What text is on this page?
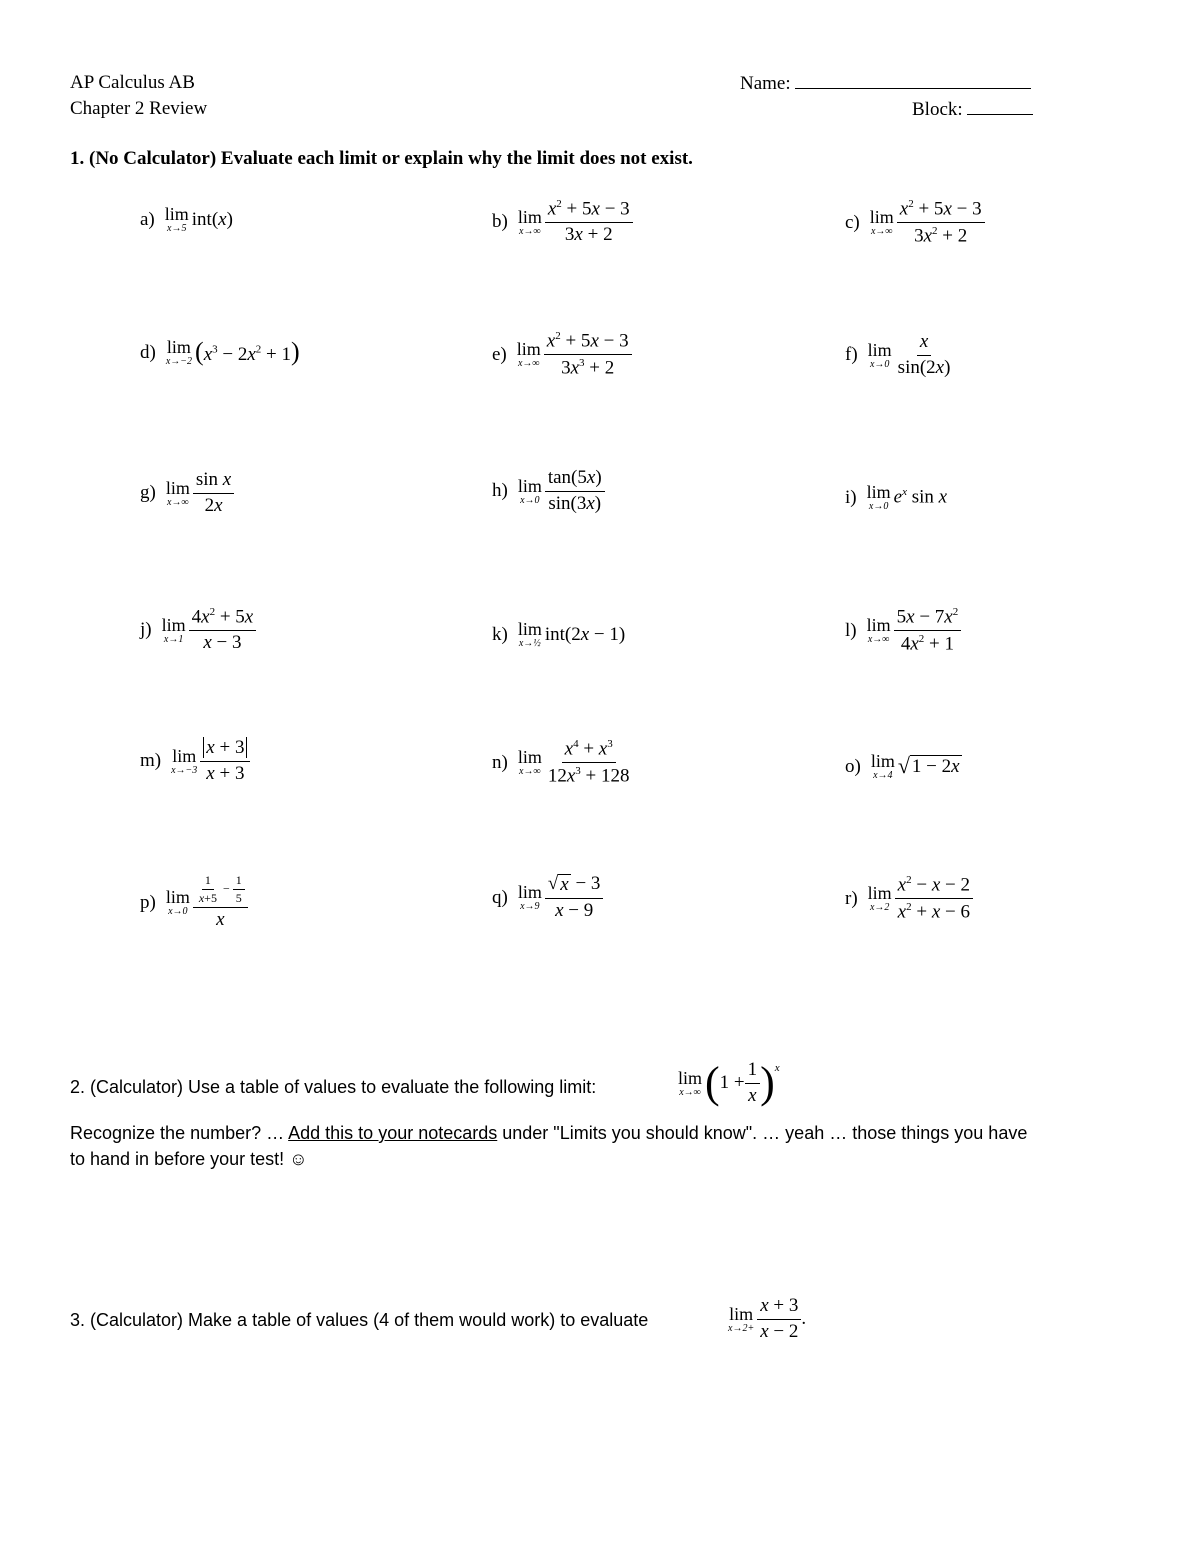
AP Calculus AB
Chapter 2 Review
Name:
Block:
1. (No Calculator) Evaluate each limit or explain why the limit does not exist.
a) lim
x→5 int(x)	b) lim
$x\to\infty \frac{x^2 + 5x - 3}{3x + 2}$	c) lim
$x\to\infty \frac{x^2 + 5x - 3}{3x^2 + 2}$
d) lim
x→−2 $(x^3 - 2x^2 + 1)$	e) lim
$x\to\infty \frac{x^2 + 5x - 3}{3x^3 + 2}$	f) lim
$x\to 0 \frac{x}{\sin(2x)}$
g) lim
$x\to\infty \frac{\text{sin x}}{2x}$	h) lim
$x\to 0 \frac{\tan(5x)}{\sin(3x)}$	i) lim
x→0 $e^x$ sin x
j) lim
$x\to 1 \frac{4x^2 + 5x}{x - 3}$	k) lim
x→½ int(2x − 1)	l) lim
$x\to\infty \frac{5x - 7x^2}{4x^2 + 1}$
m) lim
$x\to-3 \frac{x + 3}{x + 3}$	n) lim
$x\to\infty \frac{x^4 + x^3}{12x^3 + 128}$	o) lim
x→4 √ 1 − 2x
p) lim
$x\to 0 \frac{\frac{1}{x+5} - \frac{1}{5}}{x}$	q) lim
$x\to 9 \frac{√ x - 3}{x - 9}$	r) lim
$x\to 2 \frac{x^2 - x - 2}{x^2 + x - 6}$
2. (Calculator) Use a table of values to evaluate the following limit:	lim
x→∞ ( $1 + \frac{1}{x}$ ) $^x$
Recognize the number? … Add this to your notecards under "Limits you should know". … yeah … those things you have
to hand in before your test! ☺
3. (Calculator) Make a table of values (4 of them would work) to evaluate	lim
$x\to 2+ \frac{x + 3}{x - 2}$ .
